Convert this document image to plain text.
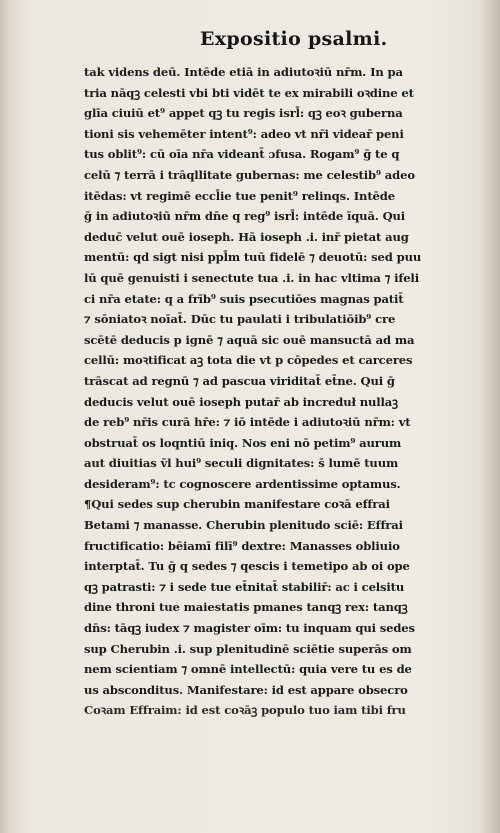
Expositio psalmi.
tak videns deū. Intēde etiā in adiutoꝛiū nr̄m. In pa
tria nāqꝫ celesti vbi bti vidēt te ex mirabili oꝛdine et
glīa ciuiū et⁹ appet qꝫ tu regis isrl̄: qꝫ eoꝛ guberna
tioni sis vehemēter intent⁹: adeo vt nr̄i videar̄ peni
tus oblit⁹: cū oīa nr̄a videant̄ ɔfusa. Rogam⁹ ḡ te q
celū ⁊ terrā i trāqllitate gubernas: me celestib⁹ adeo
itēdas: vt regimē eccl̄ie tue penit⁹ relinqs. Intēde
ḡ in adiutoꝛiū nr̄m dn̄e q reg⁹ isrl̄: intēde īquā. Qui
deduc̄ velut ouē ioseph. Hā ioseph .i. inr̄ pietat aug
mentū: qd sigt nisi ppl̄m tuū fidelē ⁊ deuotū: sed puu
lū quē genuisti i senectute tua .i. in hac vltima ⁊ ifeli
ci nr̄a etate: q a frīb⁹ suis psecutiōes magnas patit̄
⁊ sōniatoꝛ noīat̄. Dūc tu paulati i tribulatiōib⁹ cre
scētē deducis p ignē ⁊ aquā sic ouē mansuctā ad ma
cellū: moꝛtificat aꝫ tota die vt p cōpedes et carceres
trāscat ad regnū ⁊ ad pascua viriditat̄ et̄ne. Qui ḡ
deducis velut ouē ioseph putar̄ ab increduł nullaꝫ
de reb⁹ nr̄is curā hr̄e: ⁊ iō intēde i adiutoꝛiū nr̄m: vt
obstruat̄ os loqntiū iniq. Nos eni nō petim⁹ aurum
aut diuitias v̄l hui⁹ seculi dignitates: s̄ lumē tuum
desideram⁹: tc cognoscere ardentissime optamus.
¶Qui sedes sup cherubin manifestare coꝛā effrai
Betami ⁊ manasse. Cherubin plenitudo sciē: Effrai
fructificatio: bēiamī filī⁹ dextre: Manasses obliuio
interptat̄. Tu ḡ q sedes ⁊ qescis i temetipo ab oi ope
qꝫ patrasti: ⁊ i sede tue et̄nitat̄ stabilir̄: ac i celsitu
dine throni tue maiestatis pmanes tanqꝫ rex: tanqꝫ
dn̄s: tāqꝫ iudex ⁊ magister oīm: tu inquam qui sedes
sup Cherubin .i. sup plenitudinē sciētie superās om
nem scientiam ⁊ omnē intellectū: quia vere tu es de
us absconditus. Manifestare: id est appare obsecro
Coꝛam Effraim: id est coꝛāꝫ populo tuo iam tibi fru
